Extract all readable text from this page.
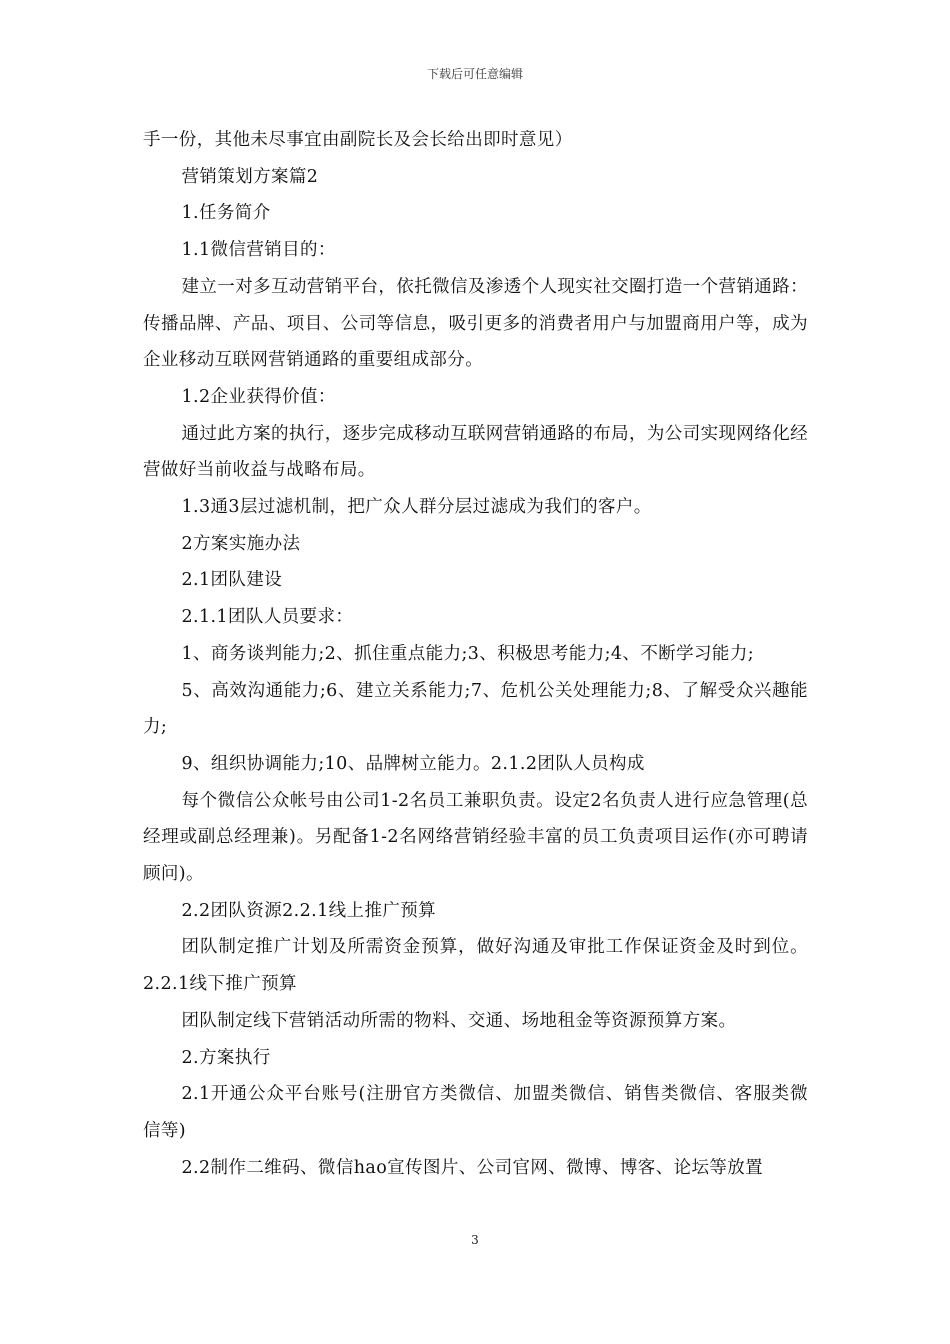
下载后可任意编辑

手一份，其他未尽事宜由副院长及会长给出即时意见）

营销策划方案篇2

1.任务简介

1.1微信营销目的：

建立一对多互动营销平台，依托微信及渗透个人现实社交圈打造一个营销通路：传播品牌、产品、项目、公司等信息，吸引更多的消费者用户与加盟商用户等，成为企业移动互联网营销通路的重要组成部分。

1.2企业获得价值：

通过此方案的执行，逐步完成移动互联网营销通路的布局，为公司实现网络化经营做好当前收益与战略布局。

1.3通3层过滤机制，把广众人群分层过滤成为我们的客户。

2方案实施办法

2.1团队建设

2.1.1团队人员要求：

1、商务谈判能力;2、抓住重点能力;3、积极思考能力;4、不断学习能力;

5、高效沟通能力;6、建立关系能力;7、危机公关处理能力;8、了解受众兴趣能力;

9、组织协调能力;10、品牌树立能力。2.1.2团队人员构成

每个微信公众帐号由公司1-2名员工兼职负责。设定2名负责人进行应急管理(总经理或副总经理兼)。另配备1-2名网络营销经验丰富的员工负责项目运作(亦可聘请顾问)。

2.2团队资源2.2.1线上推广预算

团队制定推广计划及所需资金预算，做好沟通及审批工作保证资金及时到位。2.2.1线下推广预算

团队制定线下营销活动所需的物料、交通、场地租金等资源预算方案。

2.方案执行

2.1开通公众平台账号(注册官方类微信、加盟类微信、销售类微信、客服类微信等)

2.2制作二维码、微信hao宣传图片、公司官网、微博、博客、论坛等放置

3
